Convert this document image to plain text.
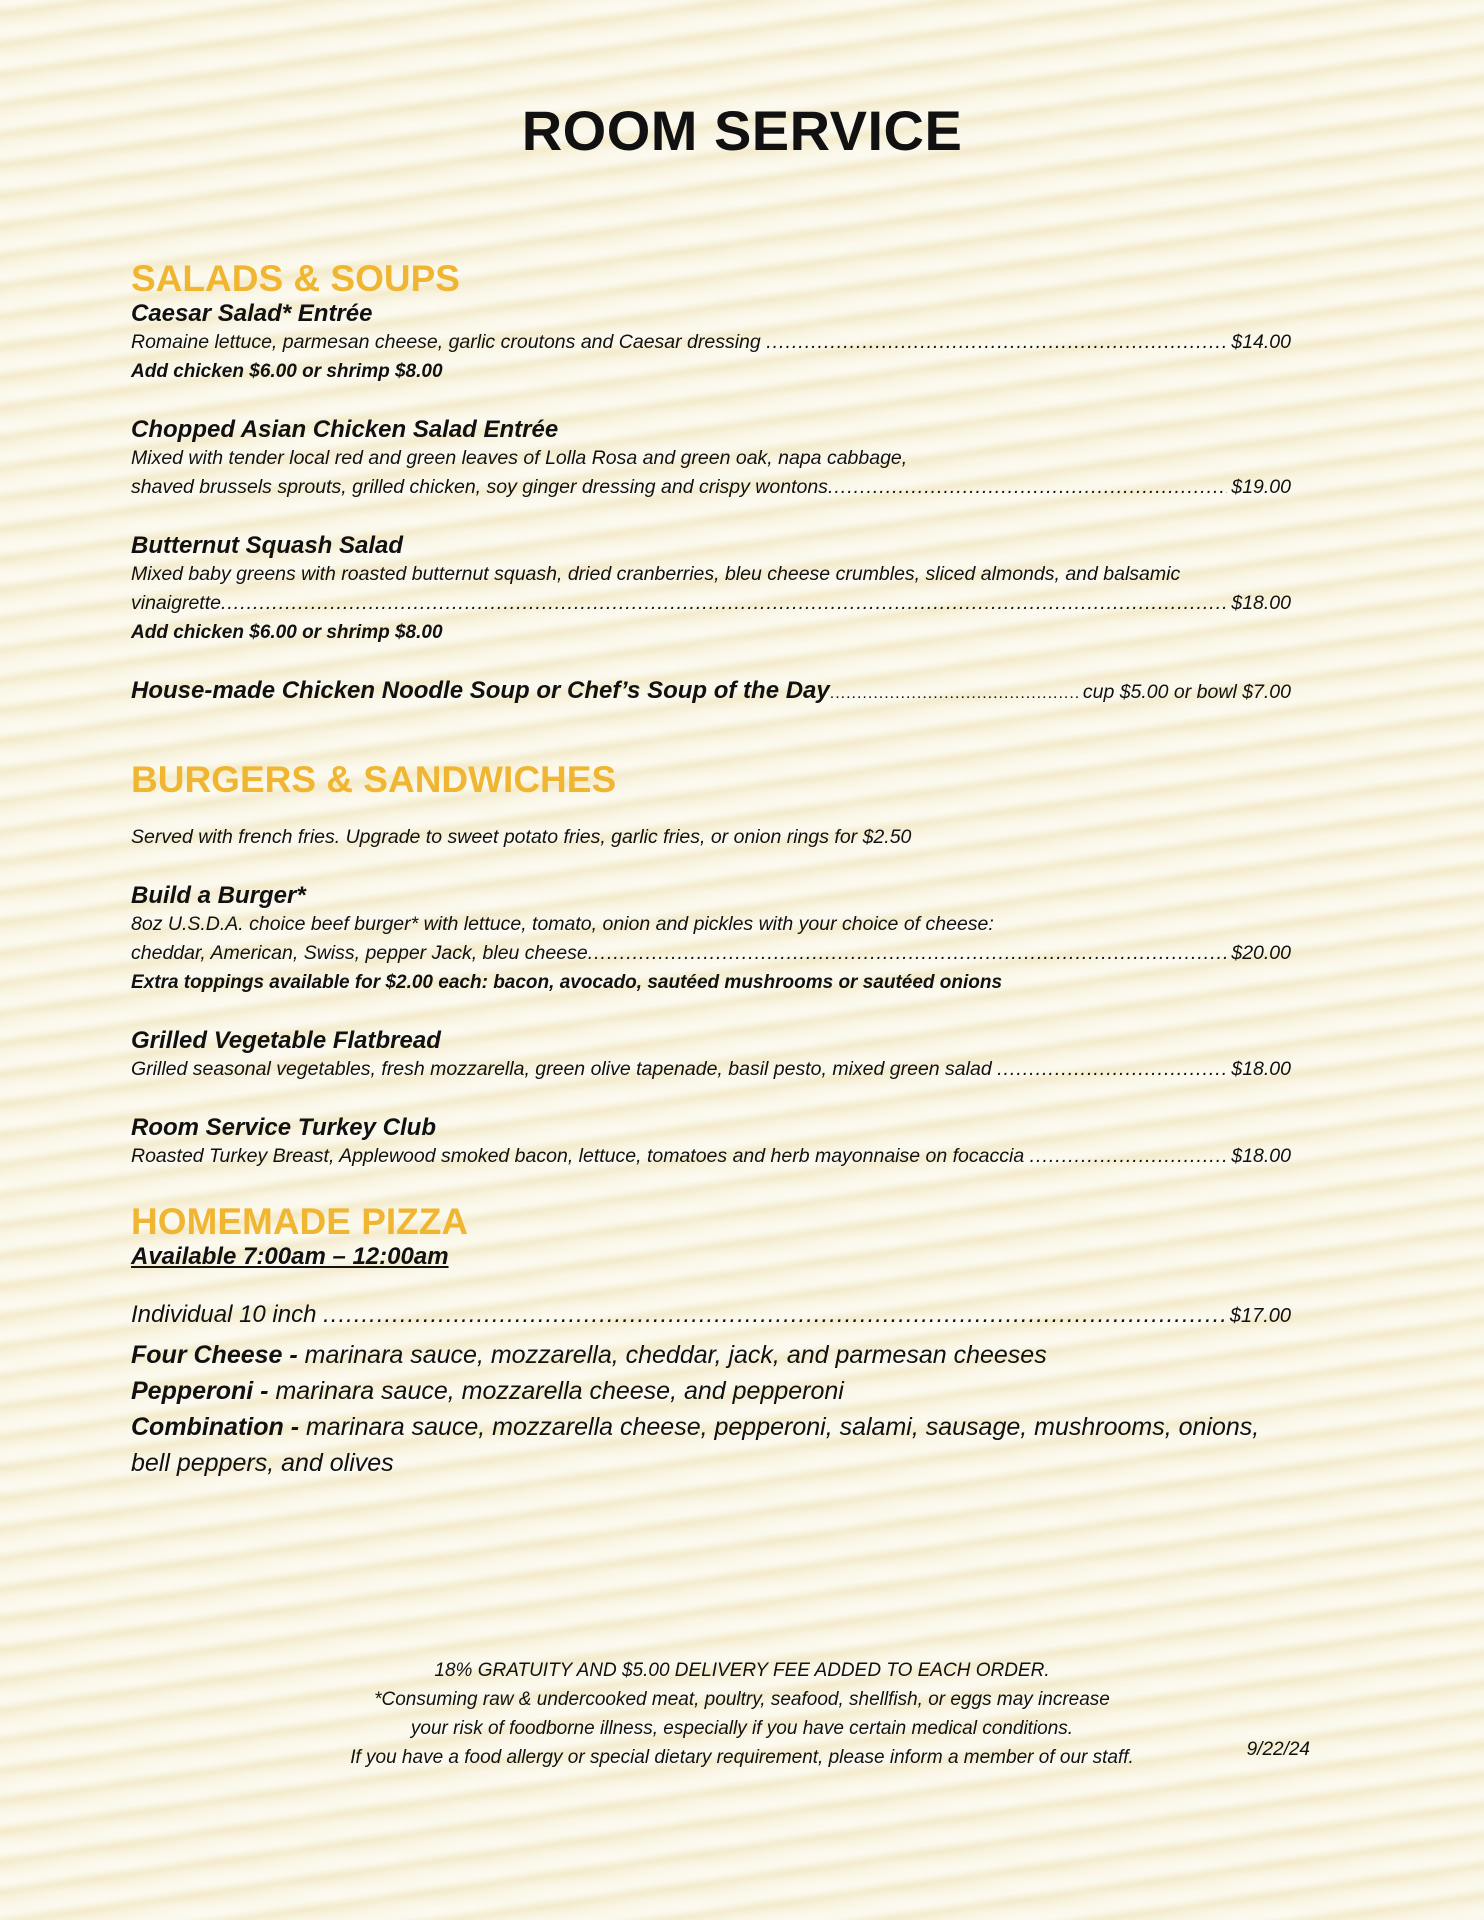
ROOM SERVICE
SALADS & SOUPS
Caesar Salad* Entrée
Romaine lettuce, parmesan cheese, garlic croutons and Caesar dressing .....	$14.00
Add chicken $6.00 or shrimp $8.00
Chopped Asian Chicken Salad Entrée
Mixed with tender local red and green leaves of Lolla Rosa and green oak, napa cabbage,
shaved brussels sprouts, grilled chicken, soy ginger dressing and crispy wontons .....	$19.00
Butternut Squash Salad
Mixed baby greens with roasted butternut squash, dried cranberries, bleu cheese crumbles, sliced almonds, and balsamic
vinaigrette .....	$18.00
Add chicken $6.00 or shrimp $8.00
House-made Chicken Noodle Soup or Chef’s Soup of the Day .....	cup $5.00 or bowl $7.00
BURGERS & SANDWICHES
Served with french fries. Upgrade to sweet potato fries, garlic fries, or onion rings for $2.50
Build a Burger*
8oz U.S.D.A. choice beef burger* with lettuce, tomato, onion and pickles with your choice of cheese:
cheddar, American, Swiss, pepper Jack, bleu cheese .....	$20.00
Extra toppings available for $2.00 each: bacon, avocado, sautéed mushrooms or sautéed onions
Grilled Vegetable Flatbread
Grilled seasonal vegetables, fresh mozzarella, green olive tapenade, basil pesto, mixed green salad .....	$18.00
Room Service Turkey Club
Roasted Turkey Breast, Applewood smoked bacon, lettuce, tomatoes and herb mayonnaise on focaccia .....	$18.00
HOMEMADE PIZZA
Available 7:00am – 12:00am
Individual 10 inch .....	$17.00
Four Cheese - marinara sauce, mozzarella, cheddar, jack, and parmesan cheeses
Pepperoni - marinara sauce, mozzarella cheese, and pepperoni
Combination - marinara sauce, mozzarella cheese, pepperoni, salami, sausage, mushrooms, onions, bell peppers, and olives
18% GRATUITY AND $5.00 DELIVERY FEE ADDED TO EACH ORDER.
*Consuming raw & undercooked meat, poultry, seafood, shellfish, or eggs may increase
your risk of foodborne illness, especially if you have certain medical conditions.
If you have a food allergy or special dietary requirement, please inform a member of our staff.	9/22/24
